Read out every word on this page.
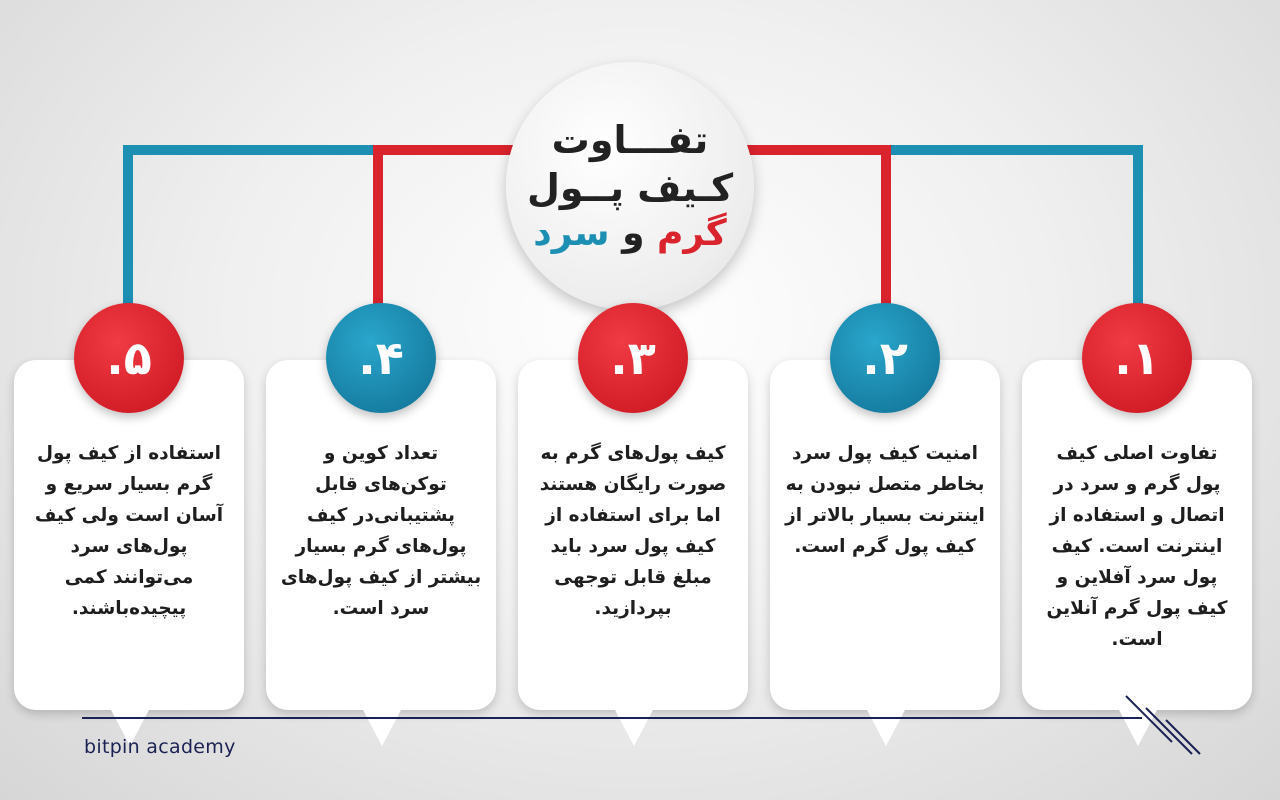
تفـــاوت
کـیف پــول
گرم و سرد
استفاده از کیف پول گرم بسیار سریع و آسان است ولی کیف پول‌های سرد می‌توانند کمی پیچیده‌باشند.
تعداد کوین و توکن‌های قابل پشتیبانی‌در کیف پول‌های گرم بسیار بیشتر از کیف پول‌های سرد است.
کیف پول‌های گرم به صورت رایگان هستند اما برای استفاده از کیف پول سرد باید مبلغ قابل توجهی بپردازید.
امنیت کیف پول سرد بخاطر متصل نبودن به اینترنت بسیار بالاتر از کیف پول گرم است.
تفاوت اصلی کیف پول گرم و سرد در اتصال و استفاده از اینترنت است. کیف پول سرد آفلاین و کیف پول گرم آنلاین است.
۵.	۴.	۳.	۲.	۱.
bitpin academy
